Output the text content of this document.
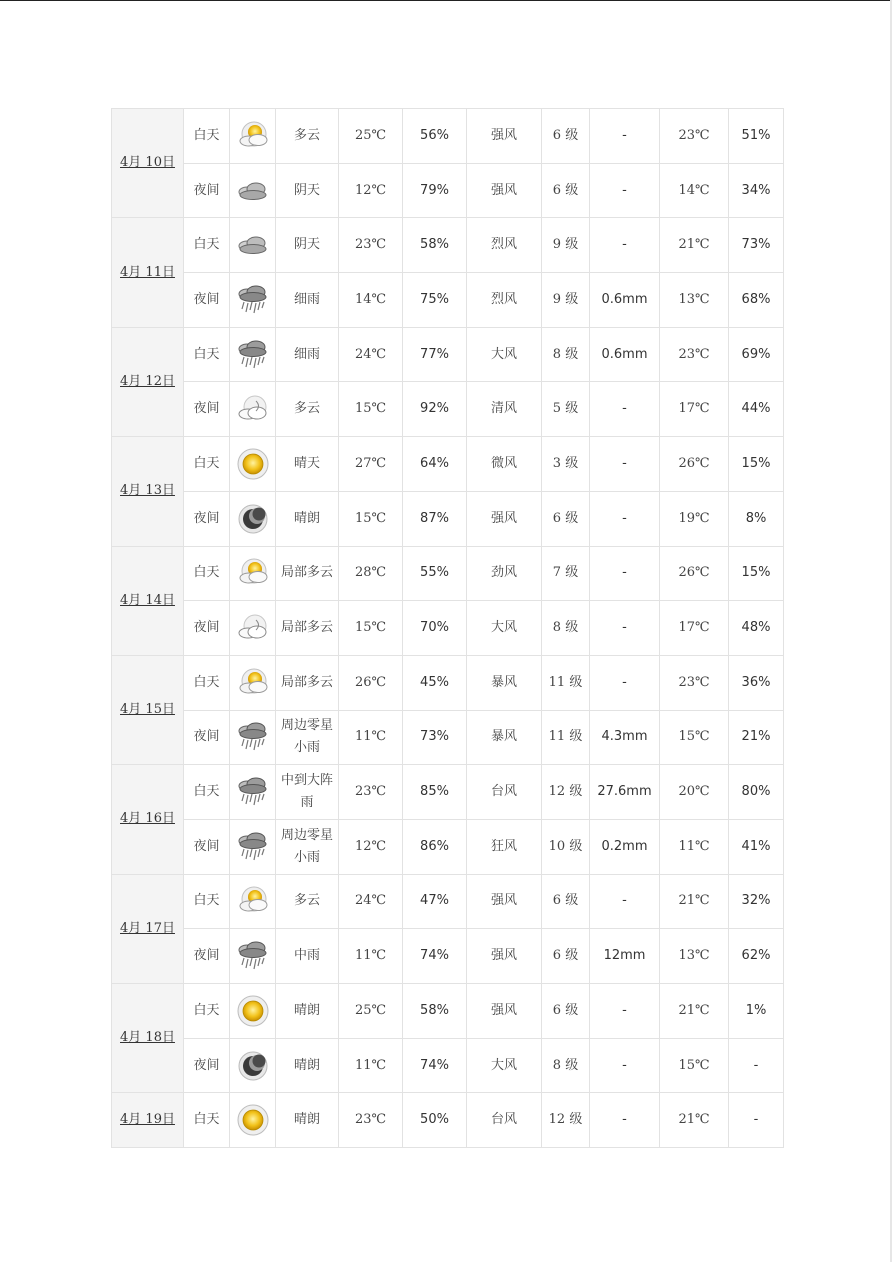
4月 10日	白天		多云	25℃	56%	强风	6 级	-	23℃	51%
	夜间		阴天	12℃	79%	强风	6 级	-	14℃	34%
4月 11日	白天		阴天	23℃	58%	烈风	9 级	-	21℃	73%
	夜间		细雨	14℃	75%	烈风	9 级	0.6mm	13℃	68%
4月 12日	白天		细雨	24℃	77%	大风	8 级	0.6mm	23℃	69%
	夜间		多云	15℃	92%	清风	5 级	-	17℃	44%
4月 13日	白天		晴天	27℃	64%	微风	3 级	-	26℃	15%
	夜间		晴朗	15℃	87%	强风	6 级	-	19℃	8%
4月 14日	白天		局部多云	28℃	55%	劲风	7 级	-	26℃	15%
	夜间		局部多云	15℃	70%	大风	8 级	-	17℃	48%
4月 15日	白天		局部多云	26℃	45%	暴风	11 级	-	23℃	36%
	夜间		周边零星小雨	11℃	73%	暴风	11 级	4.3mm	15℃	21%
4月 16日	白天		中到大阵雨	23℃	85%	台风	12 级	27.6mm	20℃	80%
	夜间		周边零星小雨	12℃	86%	狂风	10 级	0.2mm	11℃	41%
4月 17日	白天		多云	24℃	47%	强风	6 级	-	21℃	32%
	夜间		中雨	11℃	74%	强风	6 级	12mm	13℃	62%
4月 18日	白天		晴朗	25℃	58%	强风	6 级	-	21℃	1%
	夜间		晴朗	11℃	74%	大风	8 级	-	15℃	-
4月 19日	白天		晴朗	23℃	50%	台风	12 级	-	21℃	-
